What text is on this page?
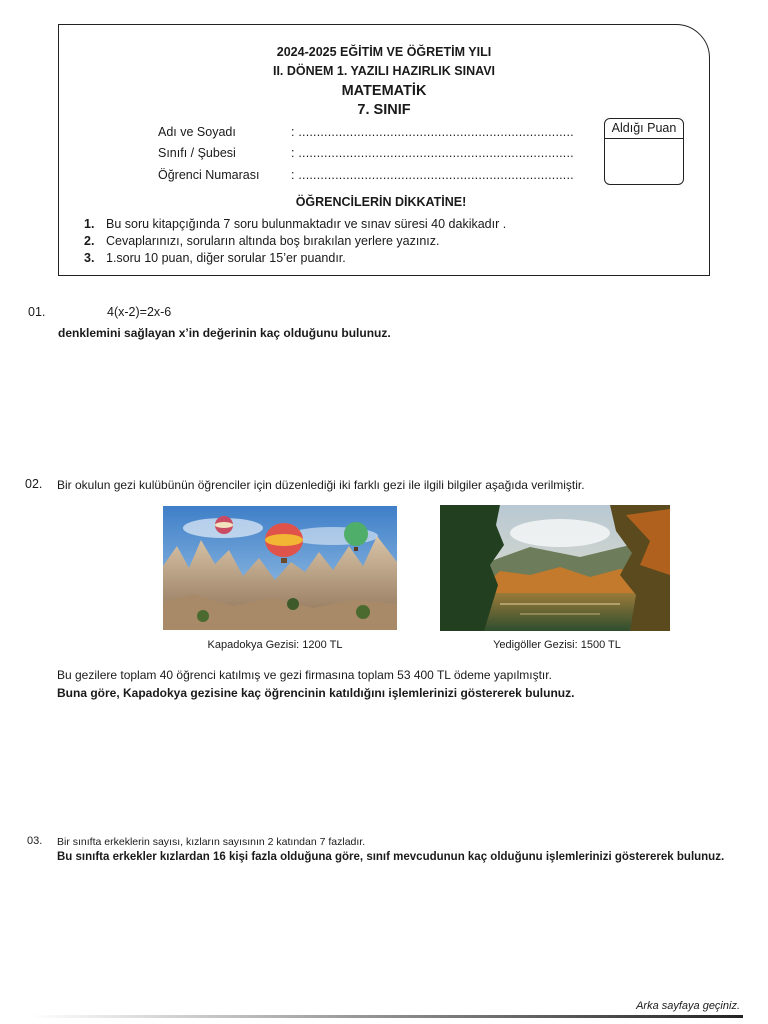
2024-2025 EĞİTİM VE ÖĞRETİM YILI
II. DÖNEM 1. YAZILI HAZIRLIK SINAVI
MATEMATİK
7. SINIF
Adı ve Soyadı	: ...........................................................................
Sınıfı / Şubesi	: ...........................................................................
Öğrenci Numarası	: ...........................................................................
Aldığı Puan
ÖĞRENCİLERİN DİKKATİNE!
1. Bu soru kitapçığında 7 soru bulunmaktadır ve sınav süresi 40 dakikadır .
2. Cevaplarınızı, soruların altında boş bırakılan yerlere yazınız.
3. 1.soru 10 puan, diğer sorular 15’er puandır.
01.	4(x-2)=2x-6
denklemini sağlayan x’in değerinin kaç olduğunu bulunuz.
02. Bir okulun gezi kulübünün öğrenciler için düzenlediği iki farklı gezi ile ilgili bilgiler aşağıda verilmiştir.
Kapadokya Gezisi: 1200 TL	Yedigöller Gezisi: 1500 TL
Bu gezilere toplam 40 öğrenci katılmış ve gezi firmasına toplam 53 400 TL ödeme yapılmıştır.
Buna göre, Kapadokya gezisine kaç öğrencinin katıldığını işlemlerinizi göstererek bulunuz.
03. Bir sınıfta erkeklerin sayısı, kızların sayısının 2 katından 7 fazladır.
Bu sınıfta erkekler kızlardan 16 kişi fazla olduğuna göre, sınıf mevcudunun kaç olduğunu işlemlerinizi göstererek bulunuz.
Arka sayfaya geçiniz.
